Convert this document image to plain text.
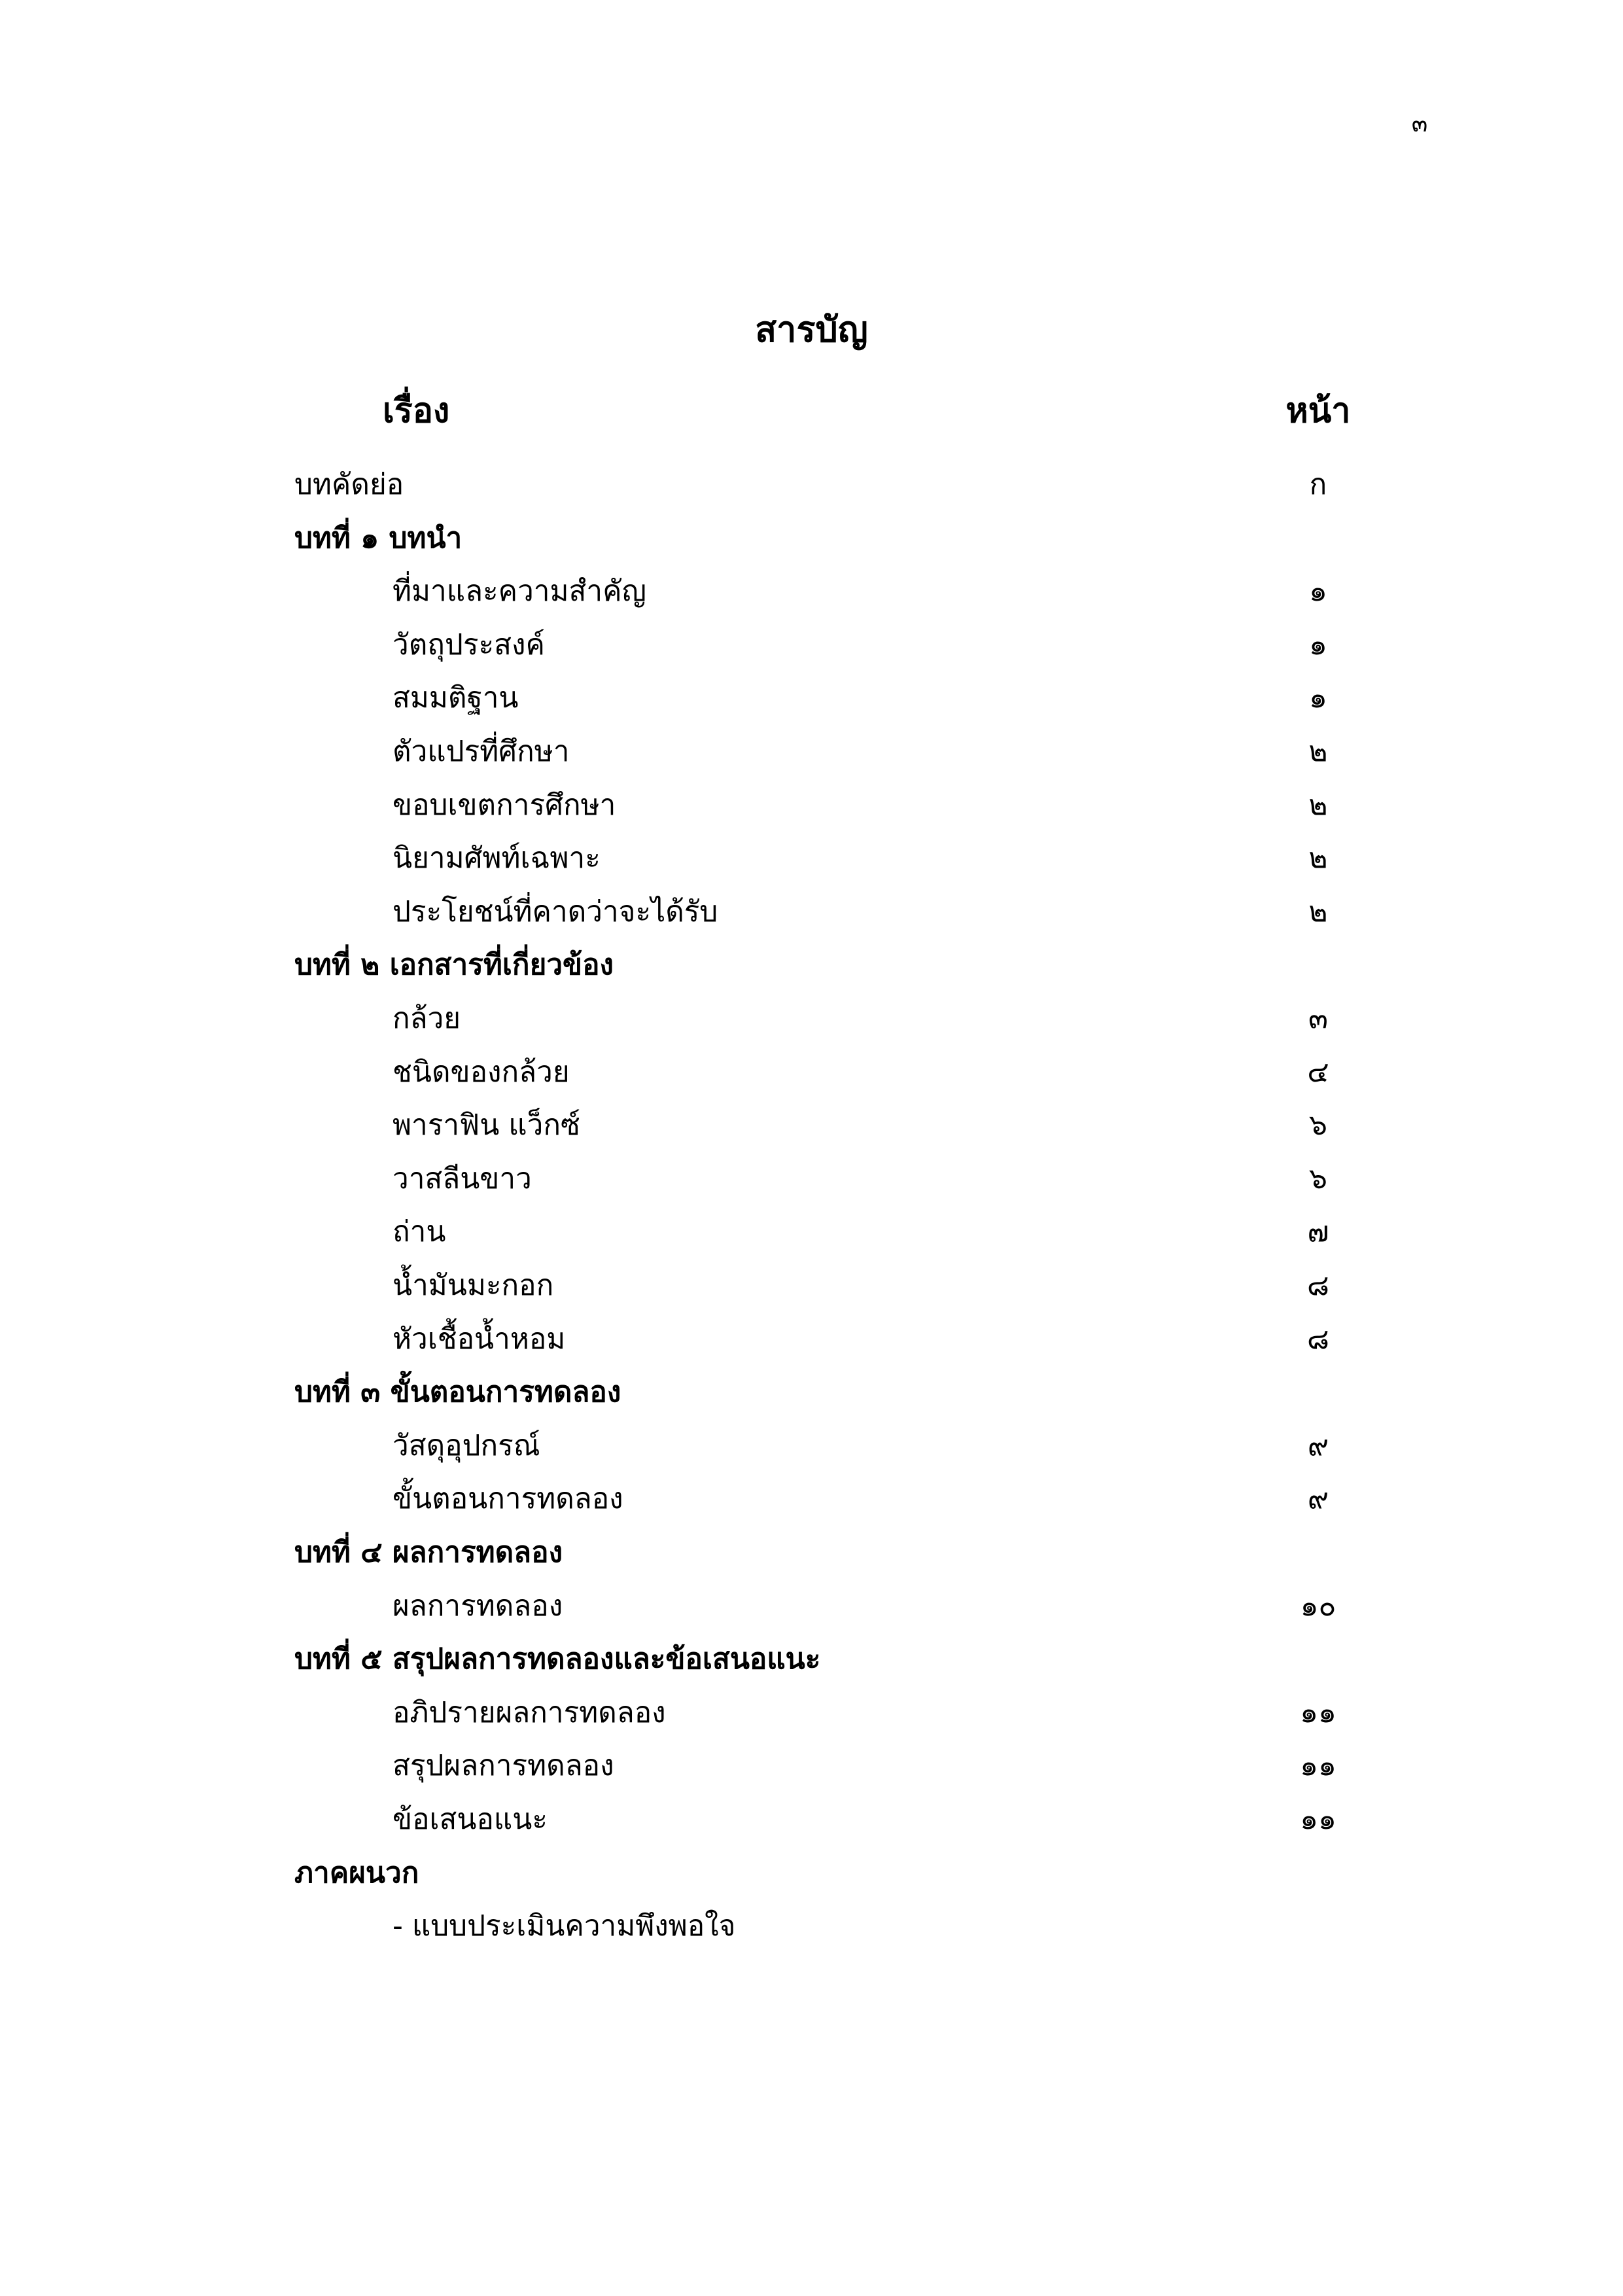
๓
สารบัญ
เรื่อง	หน้า
บทคัดย่อ	ก
บทที่ ๑ บทนำ
ที่มาและความสำคัญ	๑
วัตถุประสงค์	๑
สมมติฐาน	๑
ตัวแปรที่ศึกษา	๒
ขอบเขตการศึกษา	๒
นิยามศัพท์เฉพาะ	๒
ประโยชน์ที่คาดว่าจะได้รับ	๒
บทที่ ๒ เอกสารที่เกี่ยวข้อง
กล้วย	๓
ชนิดของกล้วย	๔
พาราฟิน แว็กซ์	๖
วาสลีนขาว	๖
ถ่าน	๗
น้ำมันมะกอก	๘
หัวเชื้อน้ำหอม	๘
บทที่ ๓ ขั้นตอนการทดลอง
วัสดุอุปกรณ์	๙
ขั้นตอนการทดลอง	๙
บทที่ ๔ ผลการทดลอง
ผลการทดลอง	๑๐
บทที่ ๕ สรุปผลการทดลองและข้อเสนอแนะ
อภิปรายผลการทดลอง	๑๑
สรุปผลการทดลอง	๑๑
ข้อเสนอแนะ	๑๑
ภาคผนวก
- แบบประเมินความพึงพอใจ
